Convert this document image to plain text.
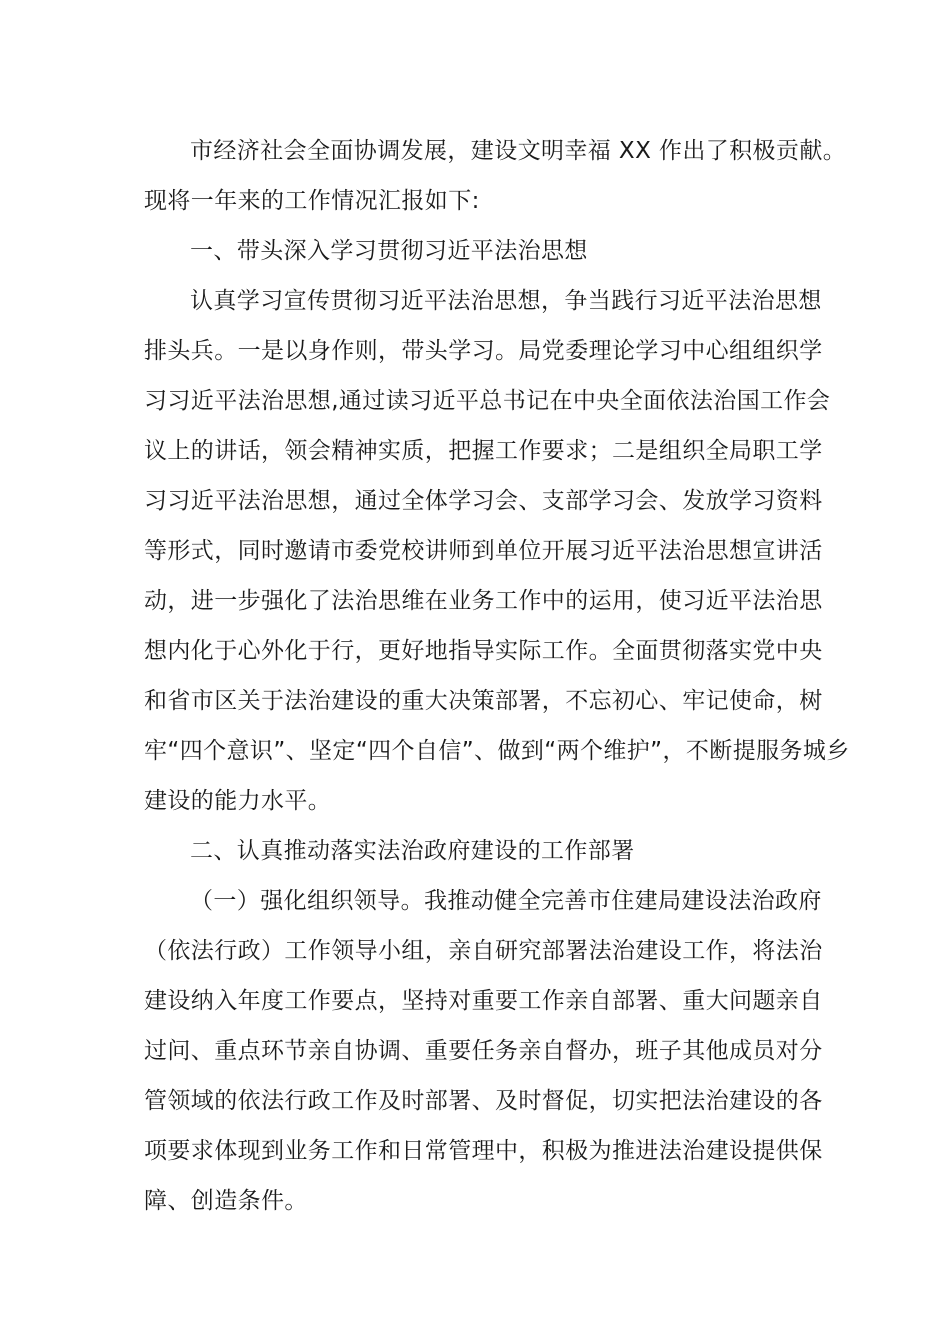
市经济社会全面协调发展，建设文明幸福 XX 作出了积极贡献。
现将一年来的工作情况汇报如下:
一、带头深入学习贯彻习近平法治思想
认真学习宣传贯彻习近平法治思想，争当践行习近平法治思想
排头兵。一是以身作则，带头学习。局党委理论学习中心组组织学
习习近平法治思想,通过读习近平总书记在中央全面依法治国工作会
议上的讲话，领会精神实质，把握工作要求；二是组织全局职工学
习习近平法治思想，通过全体学习会、支部学习会、发放学习资料
等形式，同时邀请市委党校讲师到单位开展习近平法治思想宣讲活
动，进一步强化了法治思维在业务工作中的运用，使习近平法治思
想内化于心外化于行，更好地指导实际工作。全面贯彻落实党中央
和省市区关于法治建设的重大决策部署，不忘初心、牢记使命，树
牢“四个意识”、坚定“四个自信”、做到“两个维护”，不断提服务城乡
建设的能力水平。
二、认真推动落实法治政府建设的工作部署
（一）强化组织领导。我推动健全完善市住建局建设法治政府
（依法行政）工作领导小组，亲自研究部署法治建设工作，将法治
建设纳入年度工作要点，坚持对重要工作亲自部署、重大问题亲自
过问、重点环节亲自协调、重要任务亲自督办，班子其他成员对分
管领域的依法行政工作及时部署、及时督促，切实把法治建设的各
项要求体现到业务工作和日常管理中，积极为推进法治建设提供保
障、创造条件。
